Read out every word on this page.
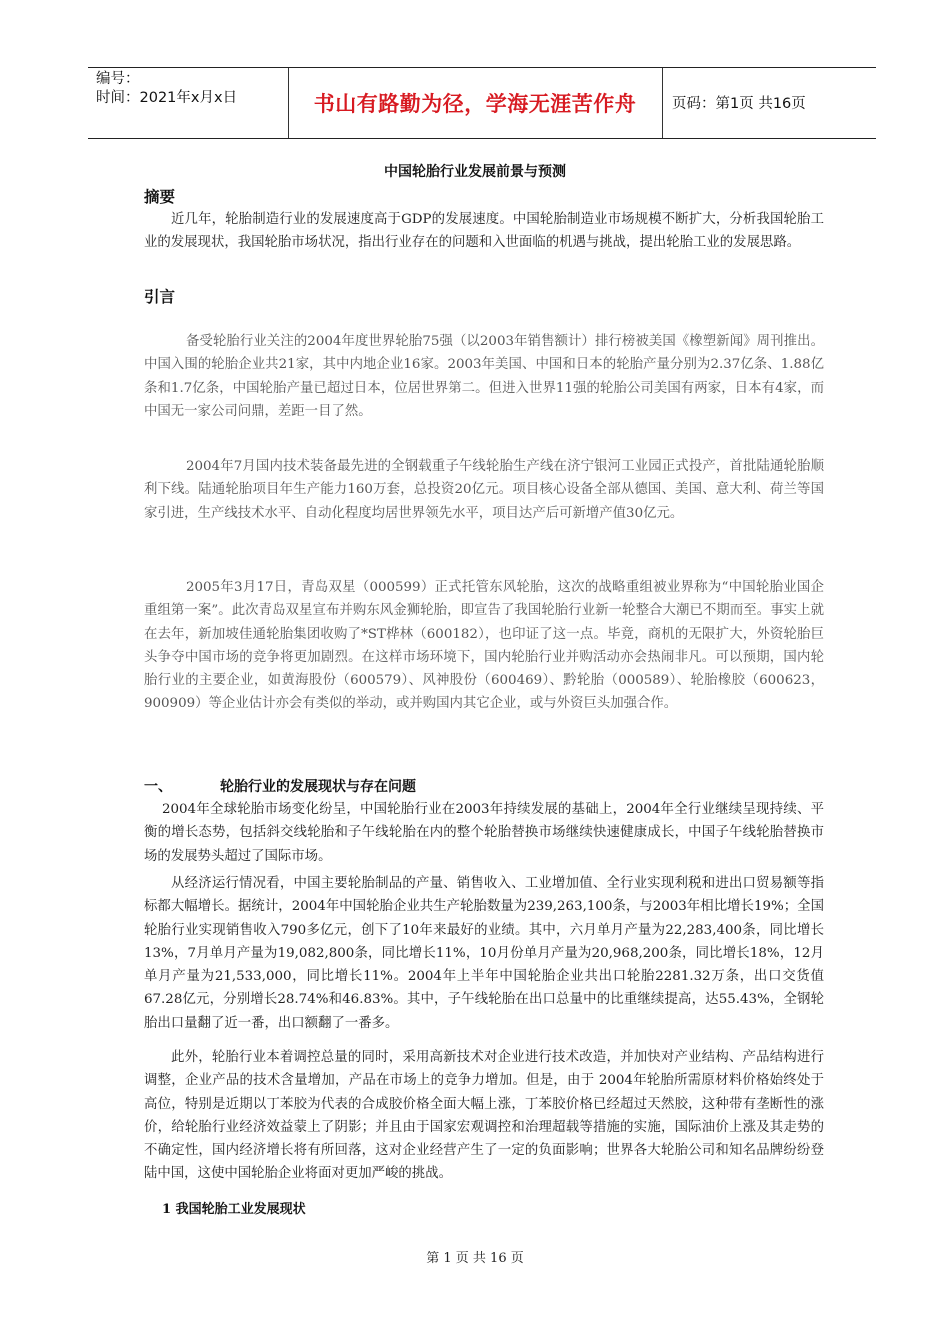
编号：
时间：2021年x月x日	书山有路勤为径，学海无涯苦作舟	页码：第1页 共16页
中国轮胎行业发展前景与预测
摘要
近几年，轮胎制造行业的发展速度高于GDP的发展速度。中国轮胎制造业市场规模不断扩大，分析我国轮胎工业的发展现状，我国轮胎市场状况，指出行业存在的问题和入世面临的机遇与挑战，提出轮胎工业的发展思路。
引言
备受轮胎行业关注的2004年度世界轮胎75强（以2003年销售额计）排行榜被美国《橡塑新闻》周刊推出。中国入围的轮胎企业共21家，其中内地企业16家。2003年美国、中国和日本的轮胎产量分别为2.37亿条、1.88亿条和1.7亿条，中国轮胎产量已超过日本，位居世界第二。但进入世界11强的轮胎公司美国有两家，日本有4家，而中国无一家公司问鼎，差距一目了然。
2004年7月国内技术装备最先进的全钢载重子午线轮胎生产线在济宁银河工业园正式投产，首批陆通轮胎顺利下线。陆通轮胎项目年生产能力160万套，总投资20亿元。项目核心设备全部从德国、美国、意大利、荷兰等国家引进，生产线技术水平、自动化程度均居世界领先水平，项目达产后可新增产值30亿元。
2005年3月17日，青岛双星（000599）正式托管东风轮胎，这次的战略重组被业界称为“中国轮胎业国企重组第一案”。此次青岛双星宣布并购东风金狮轮胎，即宣告了我国轮胎行业新一轮整合大潮已不期而至。事实上就在去年，新加坡佳通轮胎集团收购了*ST桦林（600182），也印证了这一点。毕竟，商机的无限扩大，外资轮胎巨头争夺中国市场的竞争将更加剧烈。在这样市场环境下，国内轮胎行业并购活动亦会热闹非凡。可以预期，国内轮胎行业的主要企业，如黄海股份（600579）、风神股份（600469）、黔轮胎（000589）、轮胎橡胶（600623，900909）等企业估计亦会有类似的举动，或并购国内其它企业，或与外资巨头加强合作。
一、	轮胎行业的发展现状与存在问题
2004年全球轮胎市场变化纷呈，中国轮胎行业在2003年持续发展的基础上，2004年全行业继续呈现持续、平衡的增长态势，包括斜交线轮胎和子午线轮胎在内的整个轮胎替换市场继续快速健康成长，中国子午线轮胎替换市场的发展势头超过了国际市场。
从经济运行情况看，中国主要轮胎制品的产量、销售收入、工业增加值、全行业实现利税和进出口贸易额等指标都大幅增长。据统计，2004年中国轮胎企业共生产轮胎数量为239,263,100条，与2003年相比增长19%；全国轮胎行业实现销售收入790多亿元，创下了10年来最好的业绩。其中，六月单月产量为22,283,400条，同比增长13%，7月单月产量为19,082,800条，同比增长11%，10月份单月产量为20,968,200条，同比增长18%，12月单月产量为21,533,000，同比增长11%。2004年上半年中国轮胎企业共出口轮胎2281.32万条，出口交货值67.28亿元，分别增长28.74%和46.83%。其中，子午线轮胎在出口总量中的比重继续提高，达55.43%，全钢轮胎出口量翻了近一番，出口额翻了一番多。
此外，轮胎行业本着调控总量的同时，采用高新技术对企业进行技术改造，并加快对产业结构、产品结构进行调整，企业产品的技术含量增加，产品在市场上的竞争力增加。但是，由于 2004年轮胎所需原材料价格始终处于高位，特别是近期以丁苯胶为代表的合成胶价格全面大幅上涨，丁苯胶价格已经超过天然胶，这种带有垄断性的涨价，给轮胎行业经济效益蒙上了阴影；并且由于国家宏观调控和治理超载等措施的实施，国际油价上涨及其走势的不确定性，国内经济增长将有所回落，这对企业经营产生了一定的负面影响；世界各大轮胎公司和知名品牌纷纷登陆中国，这使中国轮胎企业将面对更加严峻的挑战。
1 我国轮胎工业发展现状
第 1 页 共 16 页
